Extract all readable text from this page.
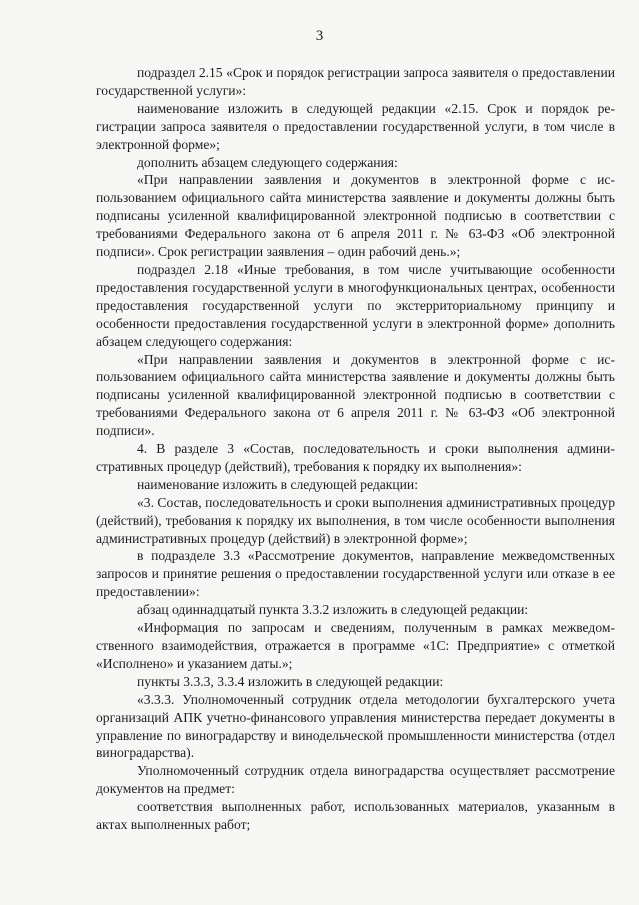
3

подраздел 2.15 «Срок и порядок регистрации запроса заявителя о предоставлении государственной услуги»:

наименование изложить в следующей редакции «2.15. Срок и порядок регистрации запроса заявителя о предоставлении государственной услуги, в том числе в электронной форме»;

дополнить абзацем следующего содержания:

«При направлении заявления и документов в электронной форме с использованием официального сайта министерства заявление и документы должны быть подписаны усиленной квалифицированной электронной подписью в соответствии с требованиями Федерального закона от 6 апреля 2011 г. № 63-ФЗ «Об электронной подписи». Срок регистрации заявления – один рабочий день.»;

подраздел 2.18 «Иные требования, в том числе учитывающие особенности предоставления государственной услуги в многофункциональных центрах, особенности предоставления государственной услуги по экстерриториальному принципу и особенности предоставления государственной услуги в электронной форме» дополнить абзацем следующего содержания:

«При направлении заявления и документов в электронной форме с использованием официального сайта министерства заявление и документы должны быть подписаны усиленной квалифицированной электронной подписью в соответствии с требованиями Федерального закона от 6 апреля 2011 г. № 63-ФЗ «Об электронной подписи».

4. В разделе 3 «Состав, последовательность и сроки выполнения административных процедур (действий), требования к порядку их выполнения»:

наименование изложить в следующей редакции:

«3. Состав, последовательность и сроки выполнения административных процедур (действий), требования к порядку их выполнения, в том числе особенности выполнения административных процедур (действий) в электронной форме»;

в подразделе 3.3 «Рассмотрение документов, направление межведомственных запросов и принятие решения о предоставлении государственной услуги или отказе в ее предоставлении»:

абзац одиннадцатый пункта 3.3.2 изложить в следующей редакции:

«Информация по запросам и сведениям, полученным в рамках межведомственного взаимодействия, отражается в программе «1С: Предприятие» с отметкой «Исполнено» и указанием даты.»;

пункты 3.3.3, 3.3.4 изложить в следующей редакции:

«3.3.3. Уполномоченный сотрудник отдела методологии бухгалтерского учета организаций АПК учетно-финансового управления министерства передает документы в управление по виноградарству и винодельческой промышленности министерства (отдел виноградарства).

Уполномоченный сотрудник отдела виноградарства осуществляет рассмотрение документов на предмет:

соответствия выполненных работ, использованных материалов, указанным в актах выполненных работ;
